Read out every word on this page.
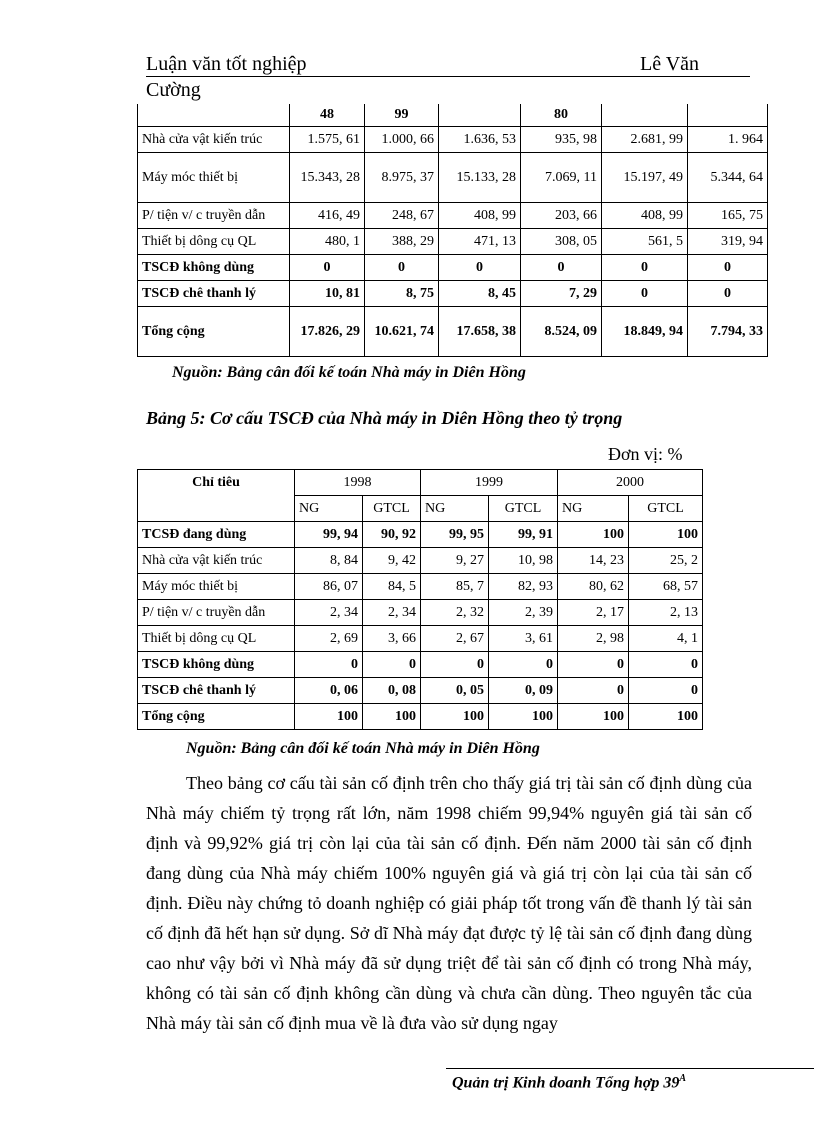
Luận văn tốt nghiệp	Lê Văn
Cường
	48	99		80		
Nhà cửa vật kiến trúc	1.575, 61	1.000, 66	1.636, 53	935, 98	2.681, 99	1. 964
Máy móc thiết bị	15.343, 28	8.975, 37	15.133, 28	7.069, 11	15.197, 49	5.344, 64
P/ tiện v/ c truyền dẫn	416, 49	248, 67	408, 99	203, 66	408, 99	165, 75
Thiết bị dông cụ QL	480, 1	388, 29	471, 13	308, 05	561, 5	319, 94
TSCĐ không dùng	0	0	0	0	0	0
TSCĐ chê thanh lý	10, 81	8, 75	8, 45	7, 29	0	0
Tổng cộng	17.826, 29	10.621, 74	17.658, 38	8.524, 09	18.849, 94	7.794, 33
Nguồn: Bảng cân đối kế toán Nhà máy in Diên Hồng
Bảng 5: Cơ cấu TSCĐ của Nhà máy in Diên Hồng theo tỷ trọng
Đơn vị: %
Chỉ tiêu	1998		1999		2000	
	NG	GTCL	NG	GTCL	NG	GTCL
TCSĐ đang dùng	99, 94	90, 92	99, 95	99, 91	100	100
Nhà cửa vật kiến trúc	8, 84	9, 42	9, 27	10, 98	14, 23	25, 2
Máy móc thiết bị	86, 07	84, 5	85, 7	82, 93	80, 62	68, 57
P/ tiện v/ c truyền dẫn	2, 34	2, 34	2, 32	2, 39	2, 17	2, 13
Thiết bị dông cụ QL	2, 69	3, 66	2, 67	3, 61	2, 98	4, 1
TSCĐ không dùng	0	0	0	0	0	0
TSCĐ chê thanh lý	0, 06	0, 08	0, 05	0, 09	0	0
Tổng cộng	100	100	100	100	100	100
Nguồn: Bảng cân đối kế toán Nhà máy in Diên Hồng

Theo bảng cơ cấu tài sản cố định trên cho thấy giá trị tài sản cố định dùng của Nhà máy chiếm tỷ trọng rất lớn, năm 1998 chiếm 99,94% nguyên giá tài sản cố định và 99,92% giá trị còn lại của tài sản cố định. Đến năm 2000 tài sản cố định đang dùng của Nhà máy chiếm 100% nguyên giá và giá trị còn lại của tài sản cố định. Điều này chứng tỏ doanh nghiệp có giải pháp tốt trong vấn đề thanh lý tài sản cố định đã hết hạn sử dụng. Sở dĩ Nhà máy đạt được tỷ lệ tài sản cố định đang dùng cao như vậy bởi vì Nhà máy đã sử dụng triệt để tài sản cố định có trong Nhà máy, không có tài sản cố định không cần dùng và chưa cần dùng. Theo nguyên tắc của Nhà máy tài sản cố định mua về là đưa vào sử dụng ngay

Quản trị Kinh doanh Tổng hợp $39^A$
